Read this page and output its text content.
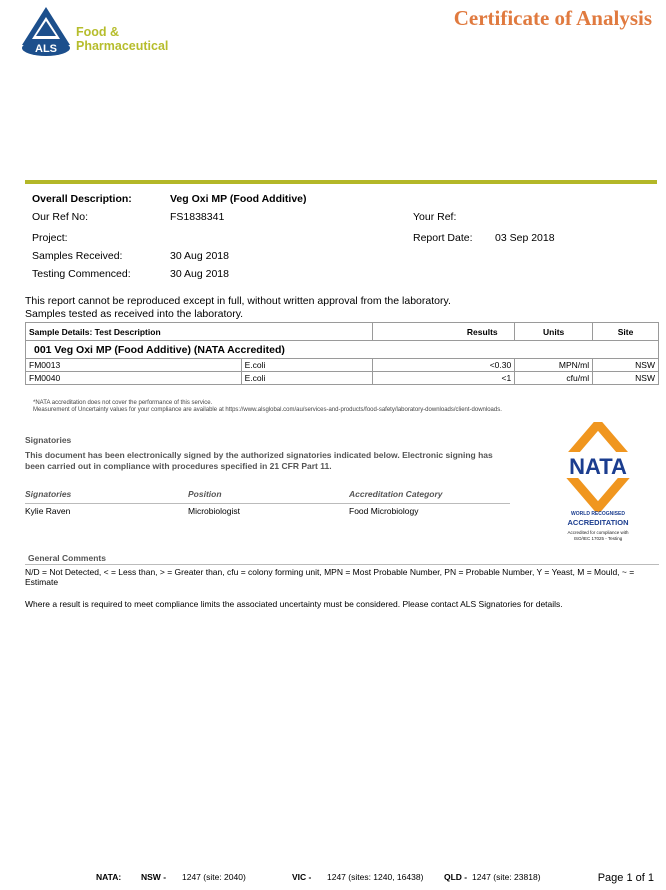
ALS
Food &
Pharmaceutical
Certificate of Analysis
Overall Description:	Veg Oxi MP (Food Additive)
Our Ref No:	FS1838341	Your Ref:
Project:	Report Date: 03 Sep 2018
Samples Received:	30 Aug 2018
Testing Commenced:	30 Aug 2018
This report cannot be reproduced except in full, without written approval from the laboratory.
Samples tested as received into the laboratory.
Sample Details: Test Description		Results	Units	Site
001 Veg Oxi MP (Food Additive) (NATA Accredited)				
FM0013	E.coli	<0.30	MPN/ml	NSW
FM0040	E.coli	<1	cfu/ml	NSW
*NATA accreditation does not cover the performance of this service.
Measurement of Uncertainty values for your compliance are available at https://www.alsglobal.com/au/services-and-products/food-safety/laboratory-downloads/client-downloads.
Signatories
This document has been electronically signed by the authorized signatories indicated below. Electronic signing has been carried out in compliance with procedures specified in 21 CFR Part 11.
Signatories	Position	Accreditation Category
Kylie Raven	Microbiologist	Food Microbiology
NATA
WORLD RECOGNISED
ACCREDITATION
Accredited for compliance with
ISO/IEC 17025 - Testing
General Comments
N/D = Not Detected, < = Less than, > = Greater than, cfu = colony forming unit, MPN = Most Probable Number, PN = Probable Number, Y = Yeast, M = Mould, ~ = Estimate
Where a result is required to meet compliance limits the associated uncertainty must be considered. Please contact ALS Signatories for details.
NATA: NSW - 1247 (site: 2040)	VIC - 1247 (sites: 1240, 16438) QLD - 1247 (site: 23818)	Page 1 of 1
